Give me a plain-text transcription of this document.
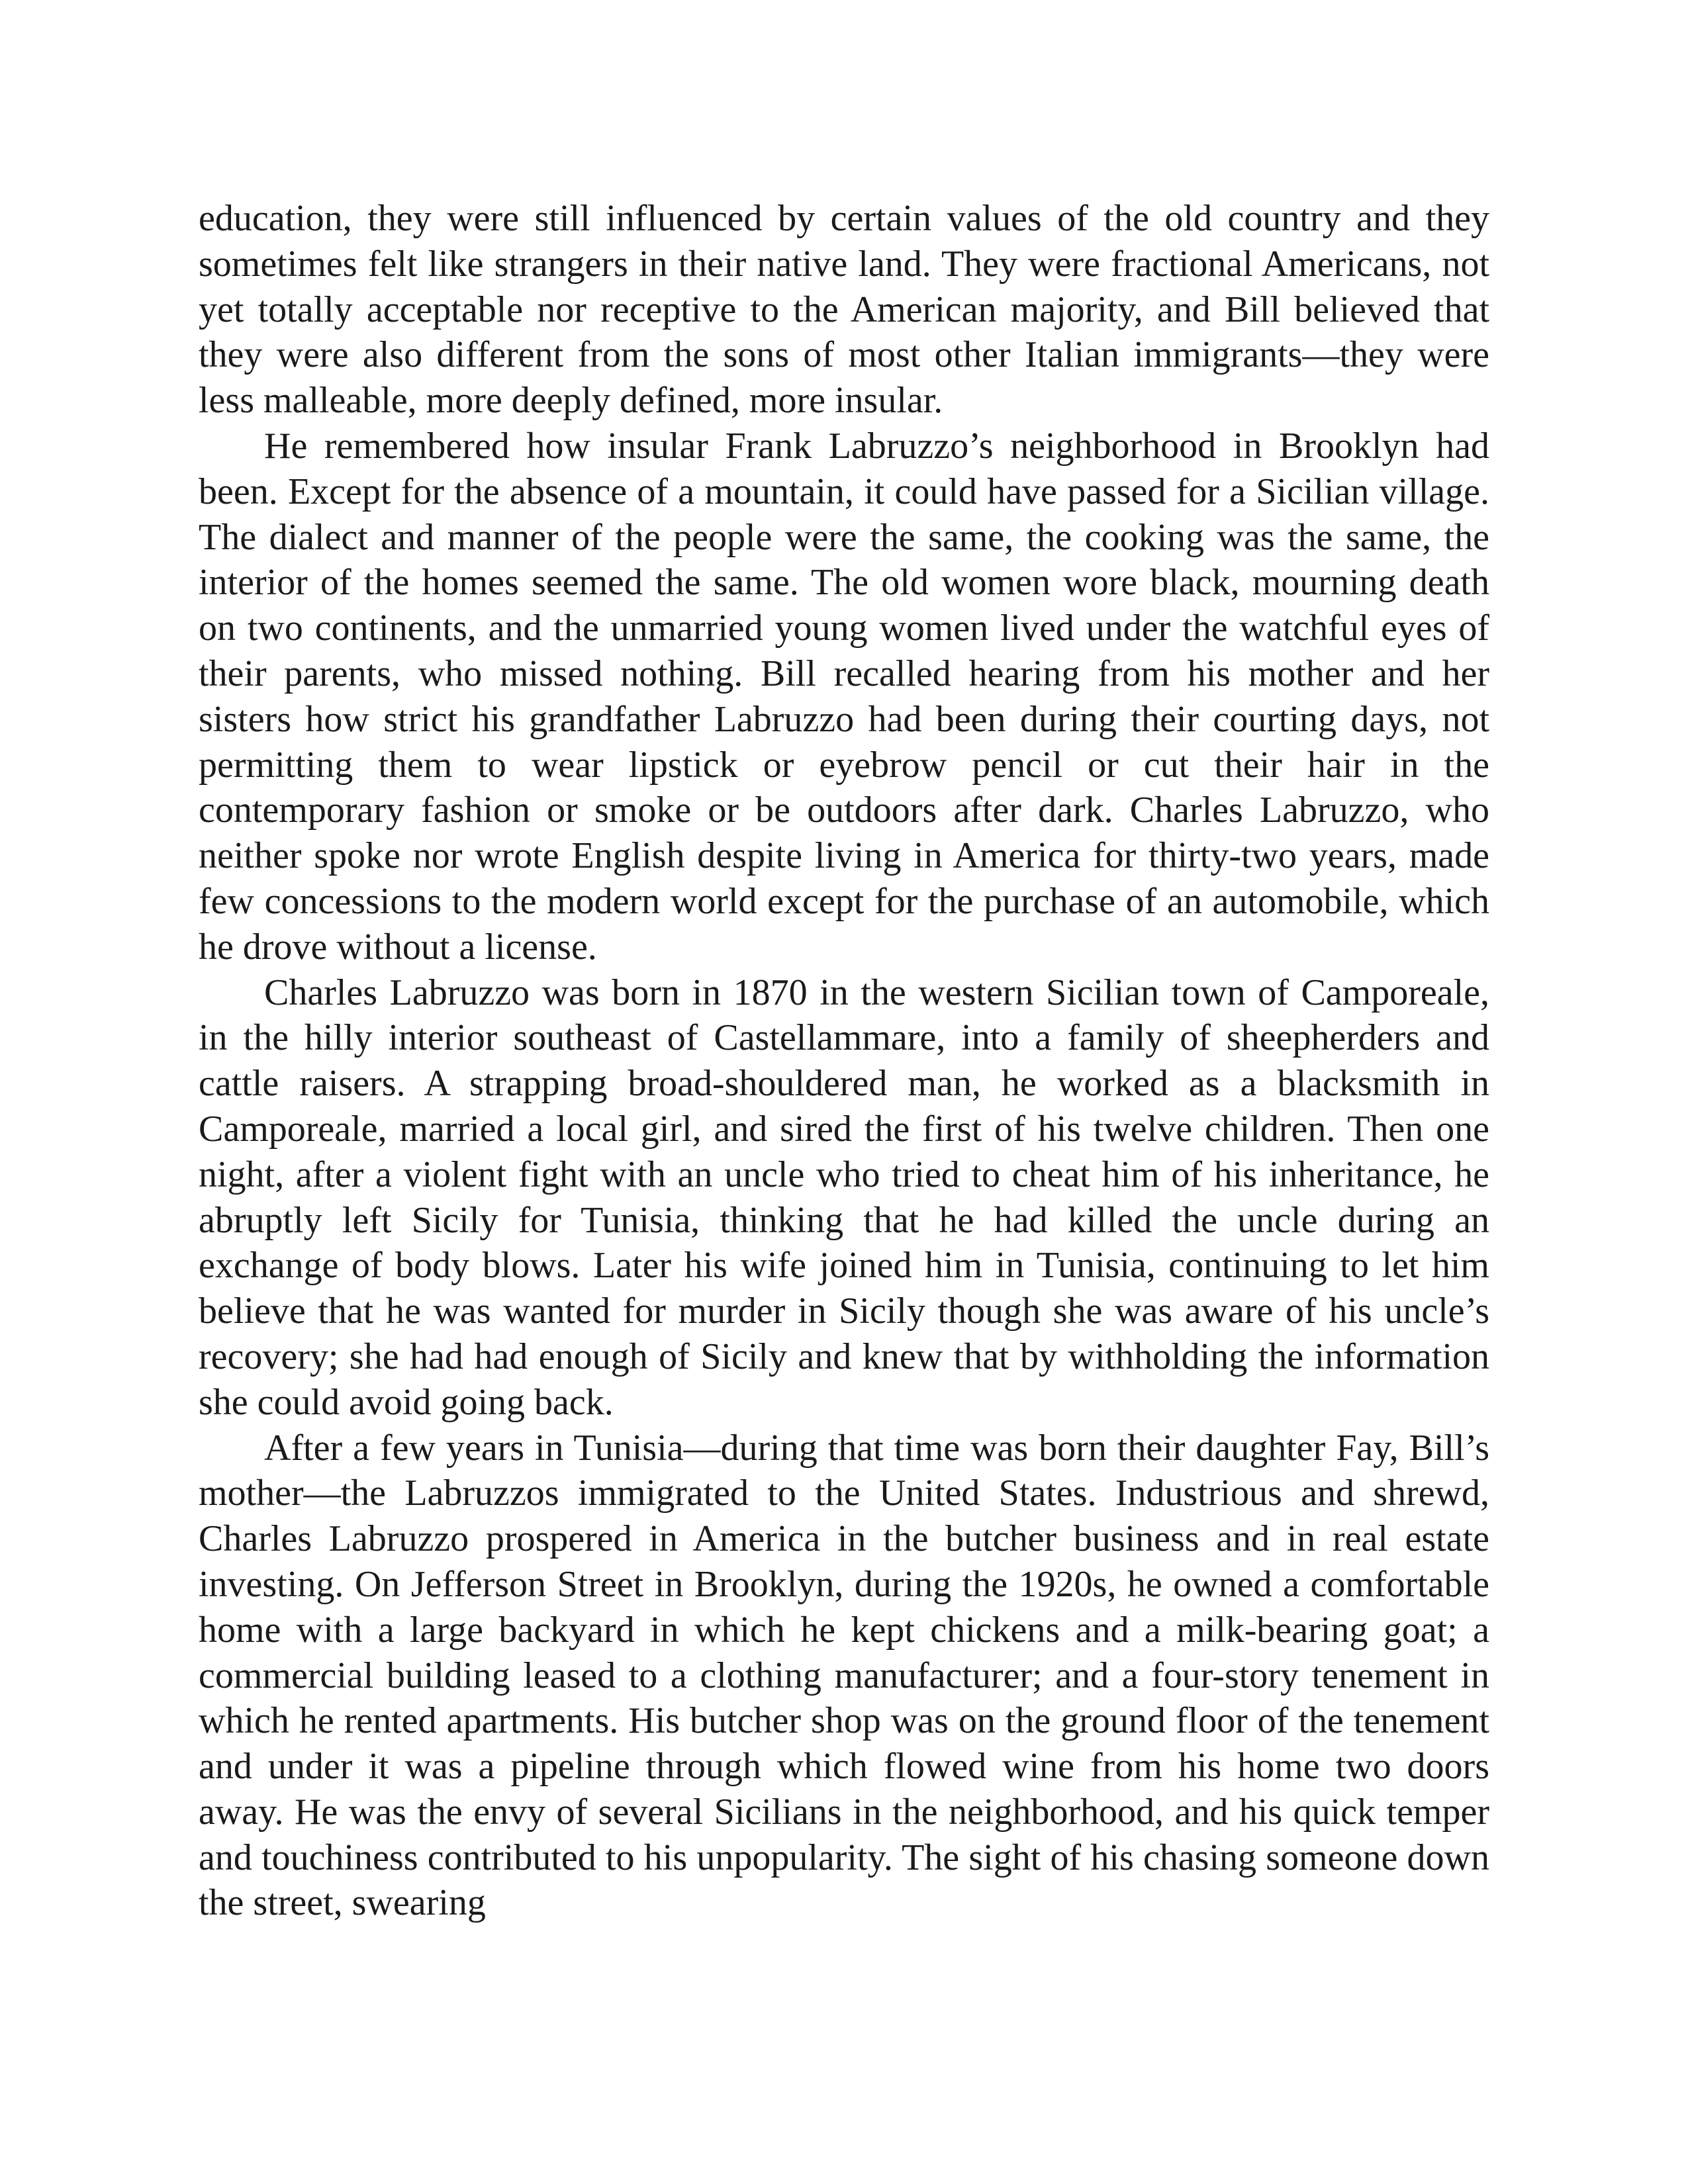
education, they were still influenced by certain values of the old country and they sometimes felt like strangers in their native land. They were fractional Americans, not yet totally acceptable nor receptive to the American majority, and Bill believed that they were also different from the sons of most other Italian immigrants—they were less malleable, more deeply defined, more insular.

He remembered how insular Frank Labruzzo’s neighborhood in Brooklyn had been. Except for the absence of a mountain, it could have passed for a Sicilian village. The dialect and manner of the people were the same, the cooking was the same, the interior of the homes seemed the same. The old women wore black, mourning death on two continents, and the unmarried young women lived under the watchful eyes of their parents, who missed nothing. Bill recalled hearing from his mother and her sisters how strict his grandfather Labruzzo had been during their courting days, not permitting them to wear lipstick or eyebrow pencil or cut their hair in the contemporary fashion or smoke or be outdoors after dark. Charles Labruzzo, who neither spoke nor wrote English despite living in America for thirty-two years, made few concessions to the modern world except for the purchase of an automobile, which he drove without a license.

Charles Labruzzo was born in 1870 in the western Sicilian town of Camporeale, in the hilly interior southeast of Castellammare, into a family of sheepherders and cattle raisers. A strapping broad-shouldered man, he worked as a blacksmith in Camporeale, married a local girl, and sired the first of his twelve children. Then one night, after a violent fight with an uncle who tried to cheat him of his inheritance, he abruptly left Sicily for Tunisia, thinking that he had killed the uncle during an exchange of body blows. Later his wife joined him in Tunisia, continuing to let him believe that he was wanted for murder in Sicily though she was aware of his uncle’s recovery; she had had enough of Sicily and knew that by withholding the information she could avoid going back.

After a few years in Tunisia—during that time was born their daughter Fay, Bill’s mother—the Labruzzos immigrated to the United States. Industrious and shrewd, Charles Labruzzo prospered in America in the butcher business and in real estate investing. On Jefferson Street in Brooklyn, during the 1920s, he owned a comfortable home with a large backyard in which he kept chickens and a milk-bearing goat; a commercial building leased to a clothing manufacturer; and a four-story tenement in which he rented apartments. His butcher shop was on the ground floor of the tenement and under it was a pipeline through which flowed wine from his home two doors away. He was the envy of several Sicilians in the neighborhood, and his quick temper and touchiness contributed to his unpopularity. The sight of his chasing someone down the street, swearing
